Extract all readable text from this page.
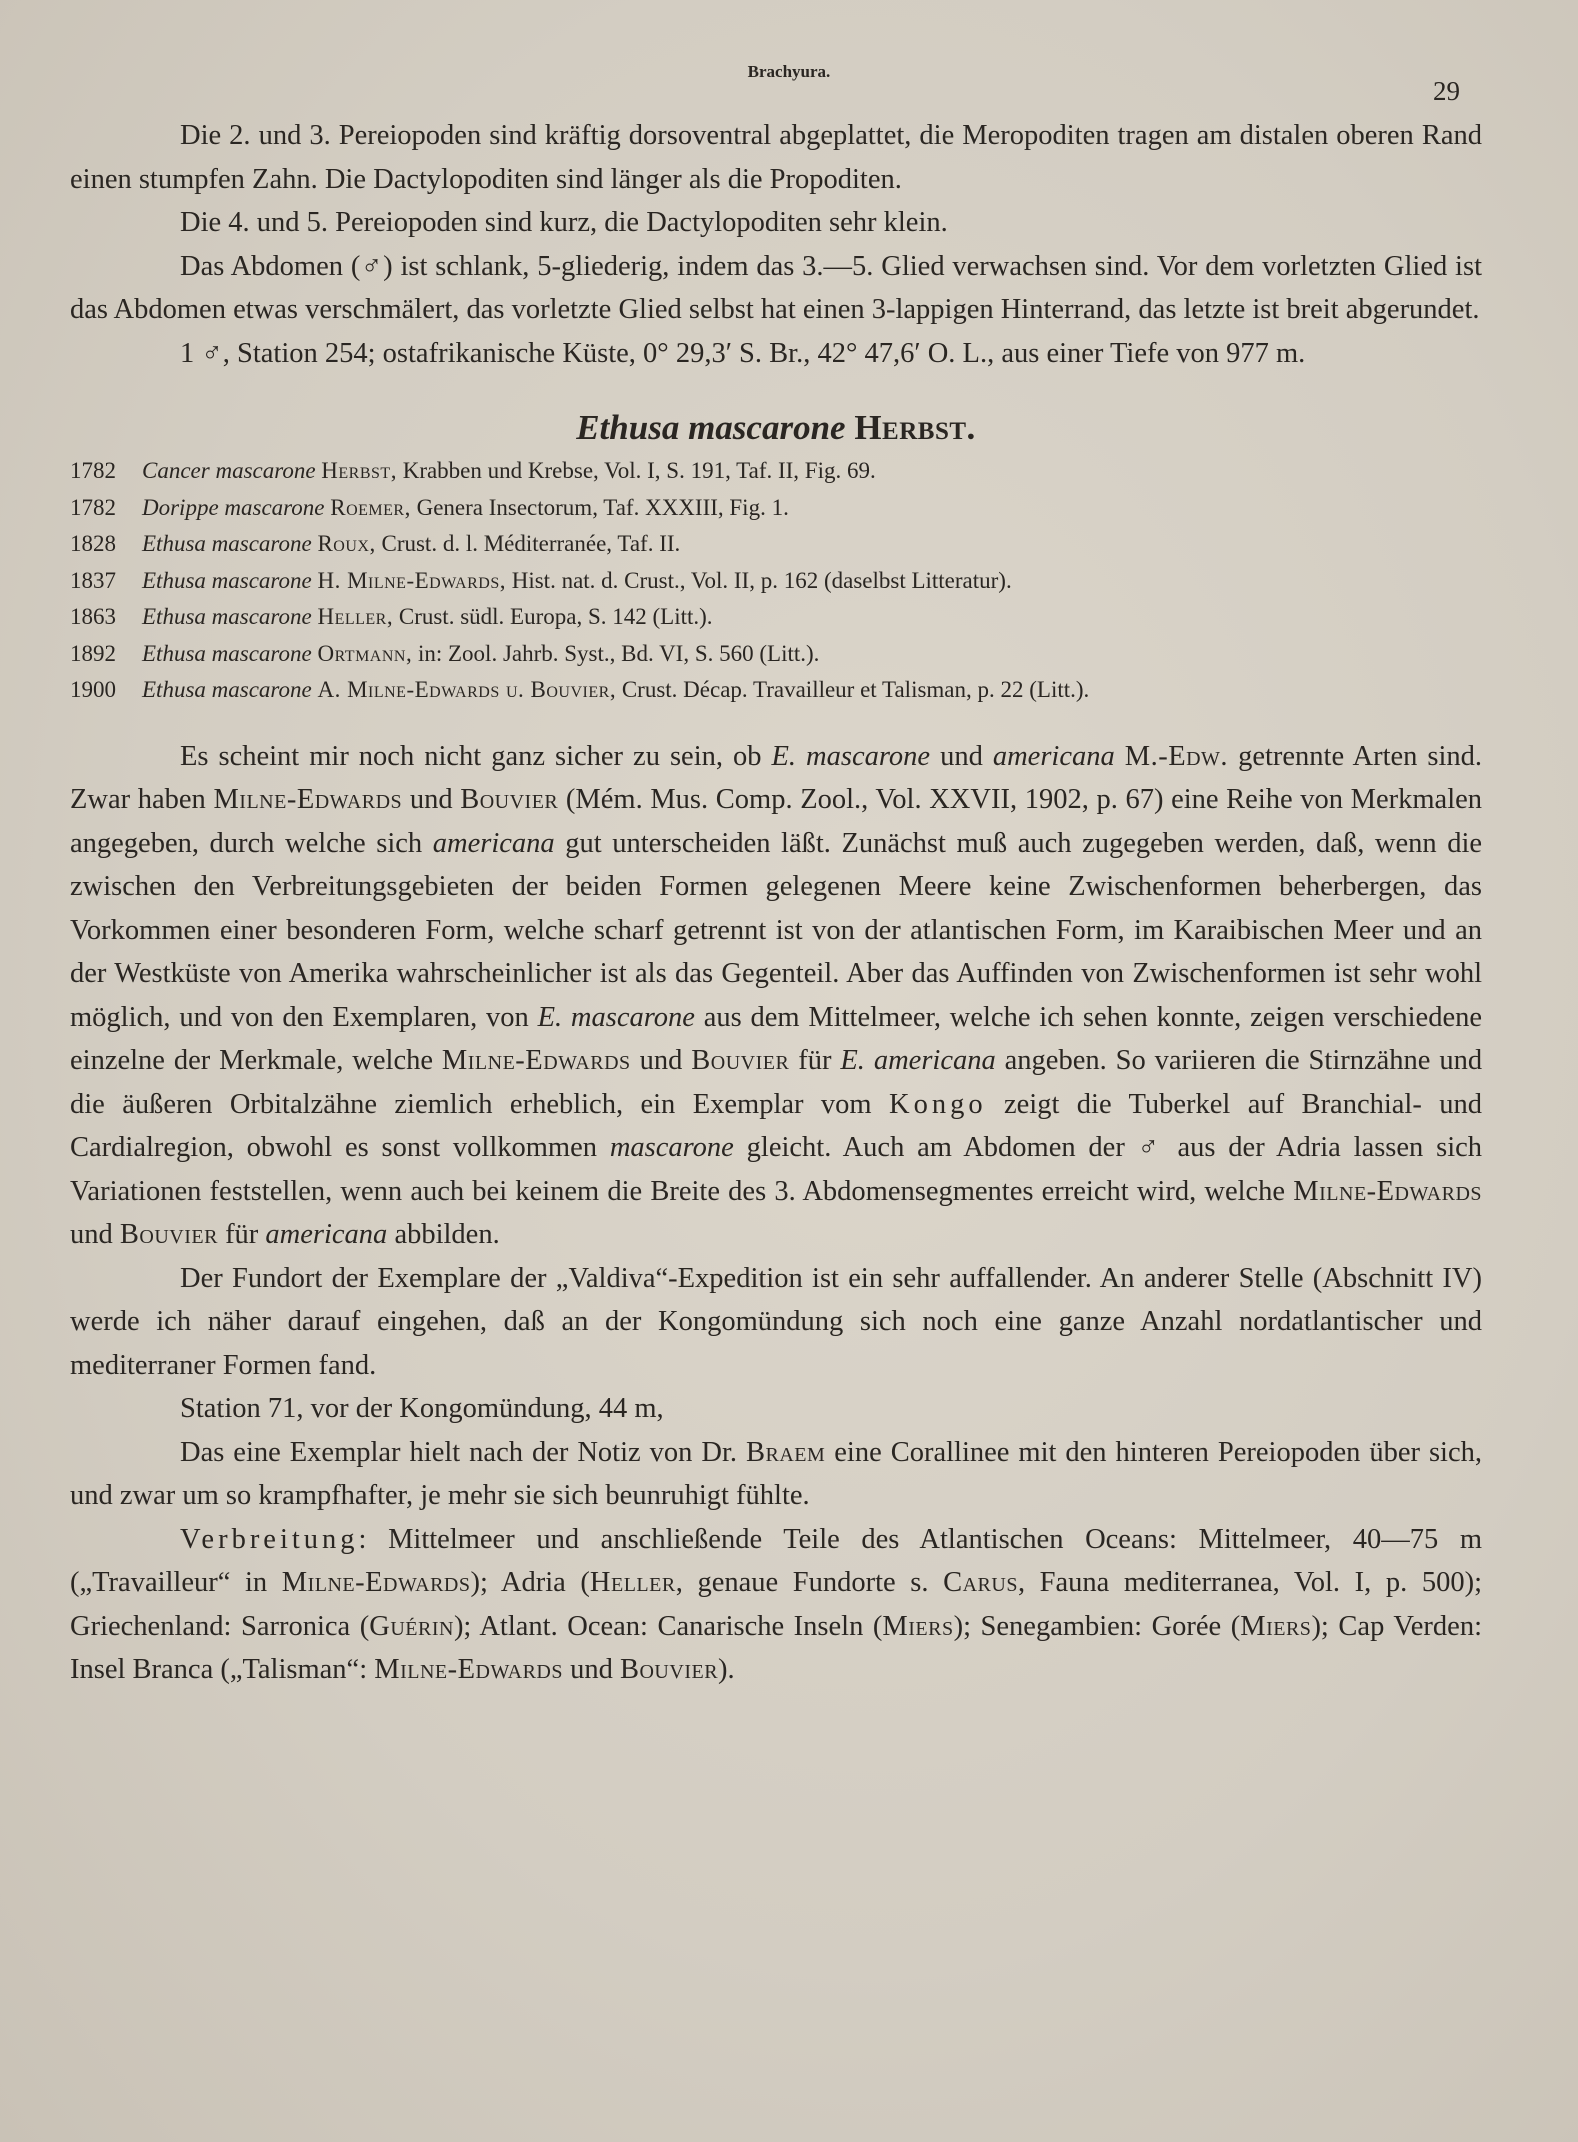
Brachyura.
29

Die 2. und 3. Pereiopoden sind kräftig dorsoventral abgeplattet, die Meropoditen tragen am distalen oberen Rand einen stumpfen Zahn. Die Dactylopoditen sind länger als die Propoditen.

Die 4. und 5. Pereiopoden sind kurz, die Dactylopoditen sehr klein.

Das Abdomen (♂) ist schlank, 5-gliederig, indem das 3.—5. Glied verwachsen sind. Vor dem vorletzten Glied ist das Abdomen etwas verschmälert, das vorletzte Glied selbst hat einen 3-lappigen Hinterrand, das letzte ist breit abgerundet.

1 ♂, Station 254; ostafrikanische Küste, 0° 29,3′ S. Br., 42° 47,6′ O. L., aus einer Tiefe von 977 m.

Ethusa mascarone Herbst.
1782 Cancer mascarone Herbst, Krabben und Krebse, Vol. I, S. 191, Taf. II, Fig. 69.
1782 Dorippe mascarone Roemer, Genera Insectorum, Taf. XXXIII, Fig. 1.
1828 Ethusa mascarone Roux, Crust. d. l. Méditerranée, Taf. II.
1837 Ethusa mascarone H. Milne-Edwards, Hist. nat. d. Crust., Vol. II, p. 162 (daselbst Litteratur).
1863 Ethusa mascarone Heller, Crust. südl. Europa, S. 142 (Litt.).
1892 Ethusa mascarone Ortmann, in: Zool. Jahrb. Syst., Bd. VI, S. 560 (Litt.).
1900 Ethusa mascarone A. Milne-Edwards u. Bouvier, Crust. Décap. Travailleur et Talisman, p. 22 (Litt.).

Es scheint mir noch nicht ganz sicher zu sein, ob E. mascarone und americana M.-Edw. getrennte Arten sind. Zwar haben Milne-Edwards und Bouvier (Mém. Mus. Comp. Zool., Vol. XXVII, 1902, p. 67) eine Reihe von Merkmalen angegeben, durch welche sich americana gut unterscheiden läßt. Zunächst muß auch zugegeben werden, daß, wenn die zwischen den Verbreitungsgebieten der beiden Formen gelegenen Meere keine Zwischenformen beherbergen, das Vorkommen einer besonderen Form, welche scharf getrennt ist von der atlantischen Form, im Karaibischen Meer und an der Westküste von Amerika wahrscheinlicher ist als das Gegenteil. Aber das Auffinden von Zwischenformen ist sehr wohl möglich, und von den Exemplaren, von E. mascarone aus dem Mittelmeer, welche ich sehen konnte, zeigen verschiedene einzelne der Merkmale, welche Milne-Edwards und Bouvier für E. americana angeben. So variieren die Stirnzähne und die äußeren Orbitalzähne ziemlich erheblich, ein Exemplar vom Kongo zeigt die Tuberkel auf Branchial- und Cardialregion, obwohl es sonst vollkommen mascarone gleicht. Auch am Abdomen der ♂ aus der Adria lassen sich Variationen feststellen, wenn auch bei keinem die Breite des 3. Abdomensegmentes erreicht wird, welche Milne-Edwards und Bouvier für americana abbilden.

Der Fundort der Exemplare der „Valdiva“-Expedition ist ein sehr auffallender. An anderer Stelle (Abschnitt IV) werde ich näher darauf eingehen, daß an der Kongomündung sich noch eine ganze Anzahl nordatlantischer und mediterraner Formen fand.

Station 71, vor der Kongomündung, 44 m,

Das eine Exemplar hielt nach der Notiz von Dr. Braem eine Corallinee mit den hinteren Pereiopoden über sich, und zwar um so krampfhafter, je mehr sie sich beunruhigt fühlte.

Verbreitung: Mittelmeer und anschließende Teile des Atlantischen Oceans: Mittelmeer, 40—75 m („Travailleur“ in Milne-Edwards); Adria (Heller, genaue Fundorte s. Carus, Fauna mediterranea, Vol. I, p. 500); Griechenland: Sarronica (Guérin); Atlant. Ocean: Canarische Inseln (Miers); Senegambien: Gorée (Miers); Cap Verden: Insel Branca („Talisman“: Milne-Edwards und Bouvier).
